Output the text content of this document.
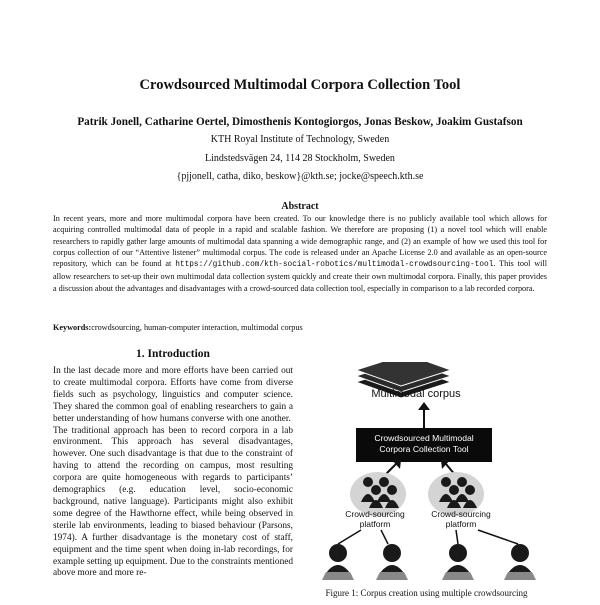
Crowdsourced Multimodal Corpora Collection Tool
Patrik Jonell, Catharine Oertel, Dimosthenis Kontogiorgos, Jonas Beskow, Joakim Gustafson
KTH Royal Institute of Technology, Sweden
Lindstedsvägen 24, 114 28 Stockholm, Sweden
{pjjonell, catha, diko, beskow}@kth.se; jocke@speech.kth.se
Abstract
In recent years, more and more multimodal corpora have been created. To our knowledge there is no publicly available tool which allows for acquiring controlled multimodal data of people in a rapid and scalable fashion. We therefore are proposing (1) a novel tool which will enable researchers to rapidly gather large amounts of multimodal data spanning a wide demographic range, and (2) an example of how we used this tool for corpus collection of our “Attentive listener” multimodal corpus. The code is released under an Apache License 2.0 and available as an open-source repository, which can be found at https://github.com/kth-social-robotics/multimodal-crowdsourcing-tool. This tool will allow researchers to set-up their own multimodal data collection system quickly and create their own multimodal corpora. Finally, this paper provides a discussion about the advantages and disadvantages with a crowd-sourced data collection tool, especially in comparison to a lab recorded corpora.
Keywords:crowdsourcing, human-computer interaction, multimodal corpus
1. Introduction

In the last decade more and more efforts have been carried out to create multimodal corpora. Efforts have come from diverse fields such as psychology, linguistics and computer science. They shared the common goal of enabling researchers to gain a better understanding of how humans converse with one another.

The traditional approach has been to record corpora in a lab environment. This approach has several disadvantages, however. One such disadvantage is that due to the constraint of having to attend the recording on campus, most resulting corpora are quite homogeneous with regards to participants’ demographics (e.g. education level, socio-economic background, native language). Participants might also exhibit some degree of the Hawthorne effect, while being observed in sterile lab environments, leading to biased behaviour (Parsons, 1974). A further disadvantage is the monetary cost of staff, equipment and the time spent when doing in-lab recordings, for example setting up equipment. Due to the constraints mentioned above more and more re-

Multimodal corpus
Crowdsourced Multimodal
Corpora Collection Tool
Crowd-sourcing
platform
Crowd-sourcing
platform
Figure 1: Corpus creation using multiple crowdsourcing
